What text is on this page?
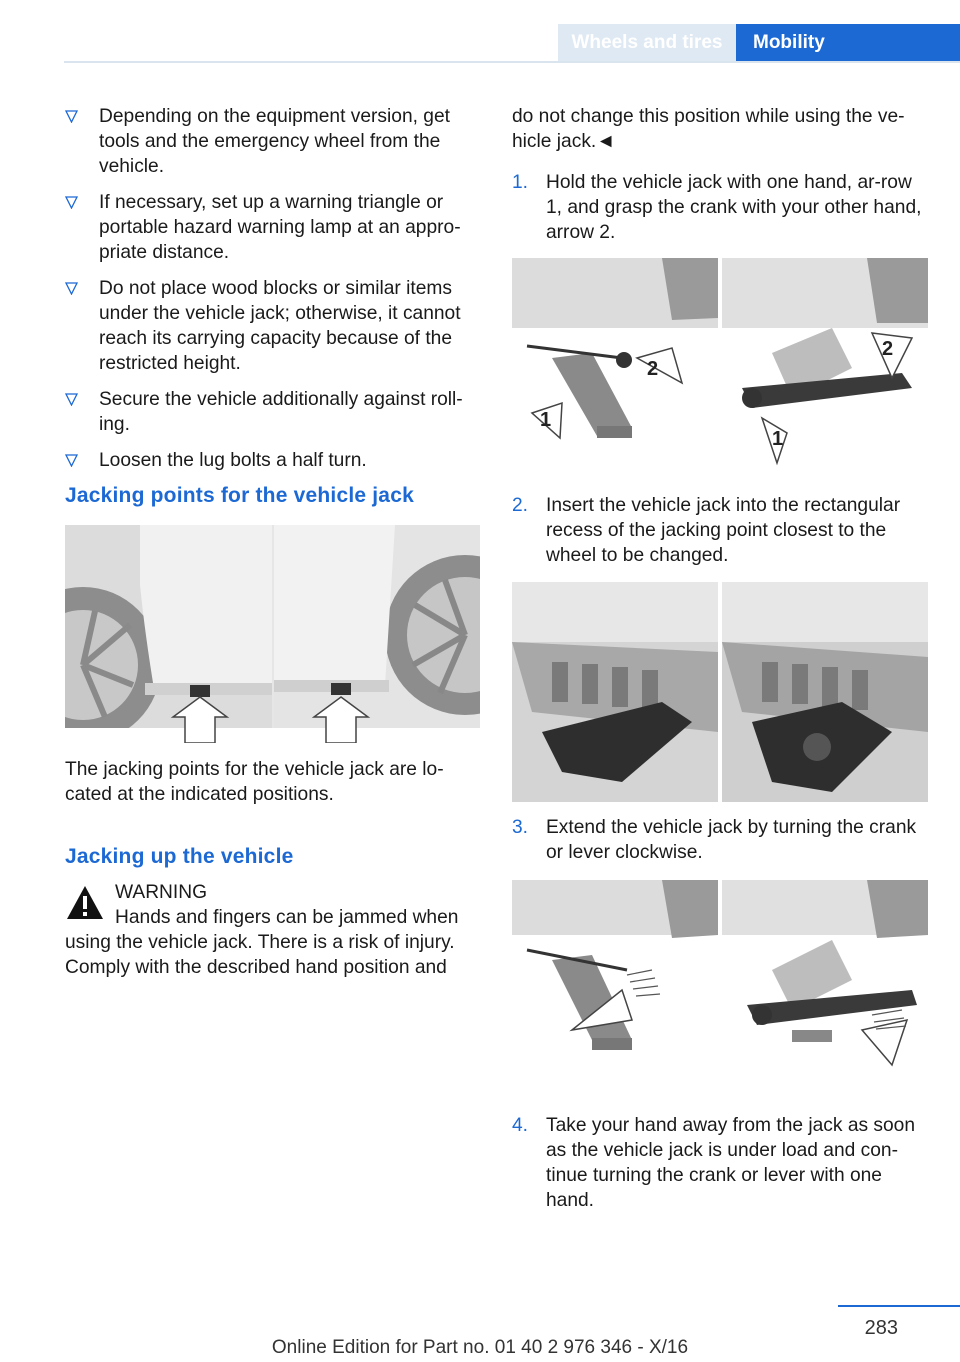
Wheels and tires	Mobility
Depending on the equipment version, get tools and the emergency wheel from the vehicle.
If necessary, set up a warning triangle or portable hazard warning lamp at an appro-priate distance.
Do not place wood blocks or similar items under the vehicle jack; otherwise, it cannot reach its carrying capacity because of the restricted height.
Secure the vehicle additionally against roll-ing.
Loosen the lug bolts a half turn.
Jacking points for the vehicle jack

The jacking points for the vehicle jack are lo-cated at the indicated positions.

Jacking up the vehicle
WARNING
Hands and fingers can be jammed when using the vehicle jack. There is a risk of injury. Comply with the described hand position and

do not change this position while using the ve-hicle jack.◄

1. Hold the vehicle jack with one hand, ar-row 1, and grasp the crank with your other hand, arrow 2.
1
2
1
2
2. Insert the vehicle jack into the rectangular recess of the jacking point closest to the wheel to be changed.
3. Extend the vehicle jack by turning the crank or lever clockwise.
4. Take your hand away from the jack as soon as the vehicle jack is under load and con-tinue turning the crank or lever with one hand.
283
Online Edition for Part no. 01 40 2 976 346 - X/16
